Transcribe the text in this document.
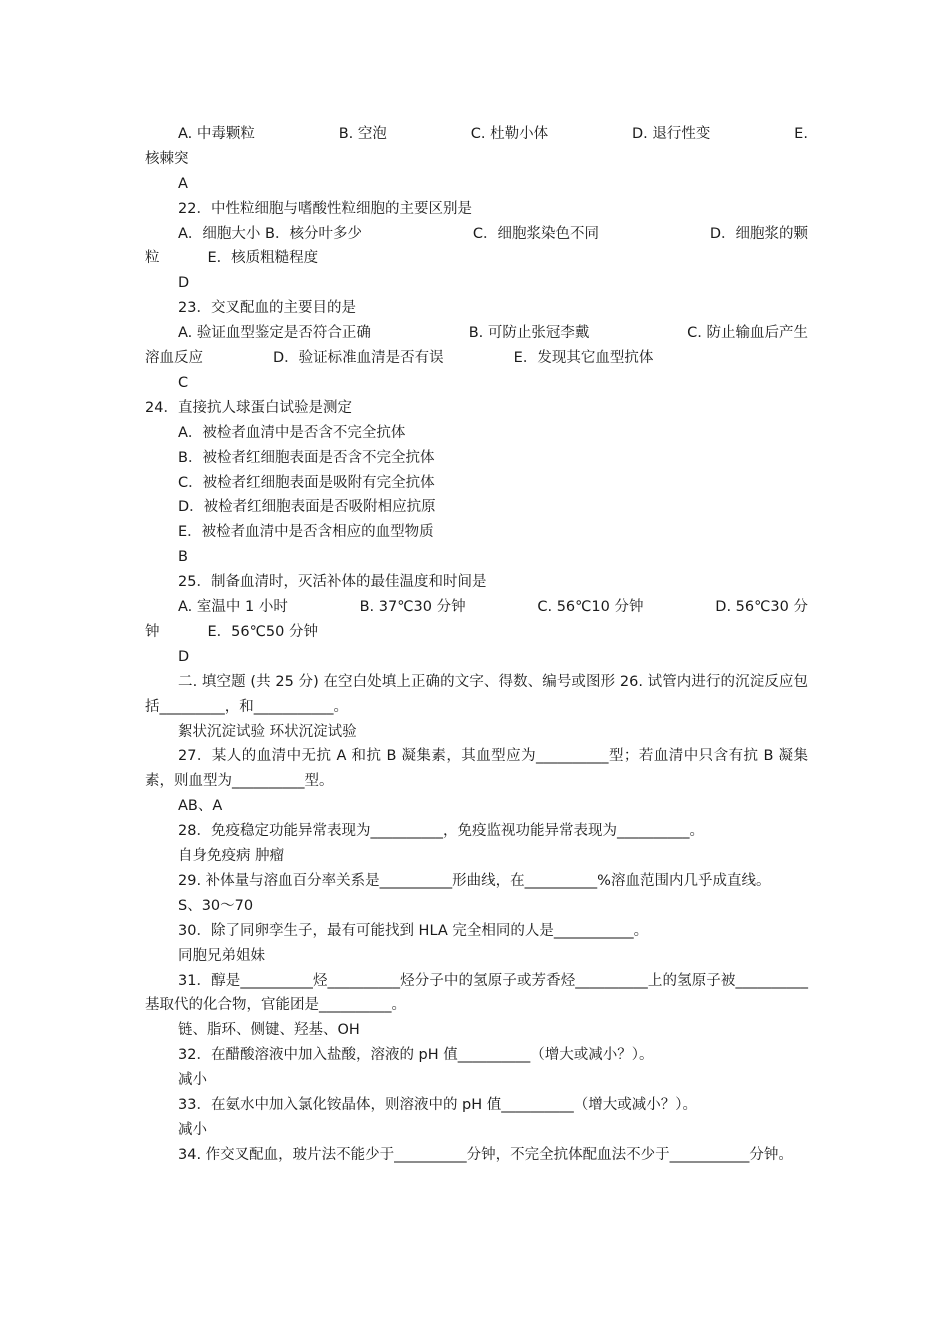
A. 中毒颗粒	B. 空泡	C. 杜勒小体	D. 退行性变	E.
核棘突
A
22．中性粒细胞与嗜酸性粒细胞的主要区别是
A．细胞大小 B．核分叶多少	C．细胞浆染色不同	D．细胞浆的颗
粒	E．核质粗糙程度
D
23．交叉配血的主要目的是
A. 验证血型鉴定是否符合正确	B. 可防止张冠李戴	C. 防止输血后产生
溶血反应	D．验证标准血清是否有误	E．发现其它血型抗体
C
24．直接抗人球蛋白试验是测定
A．被检者血清中是否含不完全抗体
B．被检者红细胞表面是否含不完全抗体
C．被检者红细胞表面是吸附有完全抗体
D．被检者红细胞表面是否吸附相应抗原
E．被检者血清中是否含相应的血型物质
B
25．制备血清时，灭活补体的最佳温度和时间是
A. 室温中 1 小时	B. 37℃30 分钟	C. 56℃10 分钟	D. 56℃30 分
钟	E．56℃50 分钟
D
二. 填空题 (共 25 分) 在空白处填上正确的文字、得数、编号或图形 26. 试管内进行的沉淀反应包括_________，和___________。
絮状沉淀试验 环状沉淀试验
27．某人的血清中无抗 A 和抗 B 凝集素，其血型应为__________型；若血清中只含有抗 B 凝集素，则血型为__________型。
AB、A
28．免疫稳定功能异常表现为__________，免疫监视功能异常表现为__________。
自身免疫病 肿瘤
29. 补体量与溶血百分率关系是__________形曲线，在__________%溶血范围内几乎成直线。
S、30～70
30．除了同卵孪生子，最有可能找到 HLA 完全相同的人是___________。
同胞兄弟姐妹
31．醇是__________烃__________烃分子中的氢原子或芳香烃__________上的氢原子被__________基取代的化合物，官能团是__________。
链、脂环、侧键、羟基、OH
32．在醋酸溶液中加入盐酸，溶液的 pH 值__________（增大或减小？）。
减小
33．在氨水中加入氯化铵晶体，则溶液中的 pH 值__________（增大或减小？）。
减小
34. 作交叉配血，玻片法不能少于__________分钟，不完全抗体配血法不少于___________分钟。
